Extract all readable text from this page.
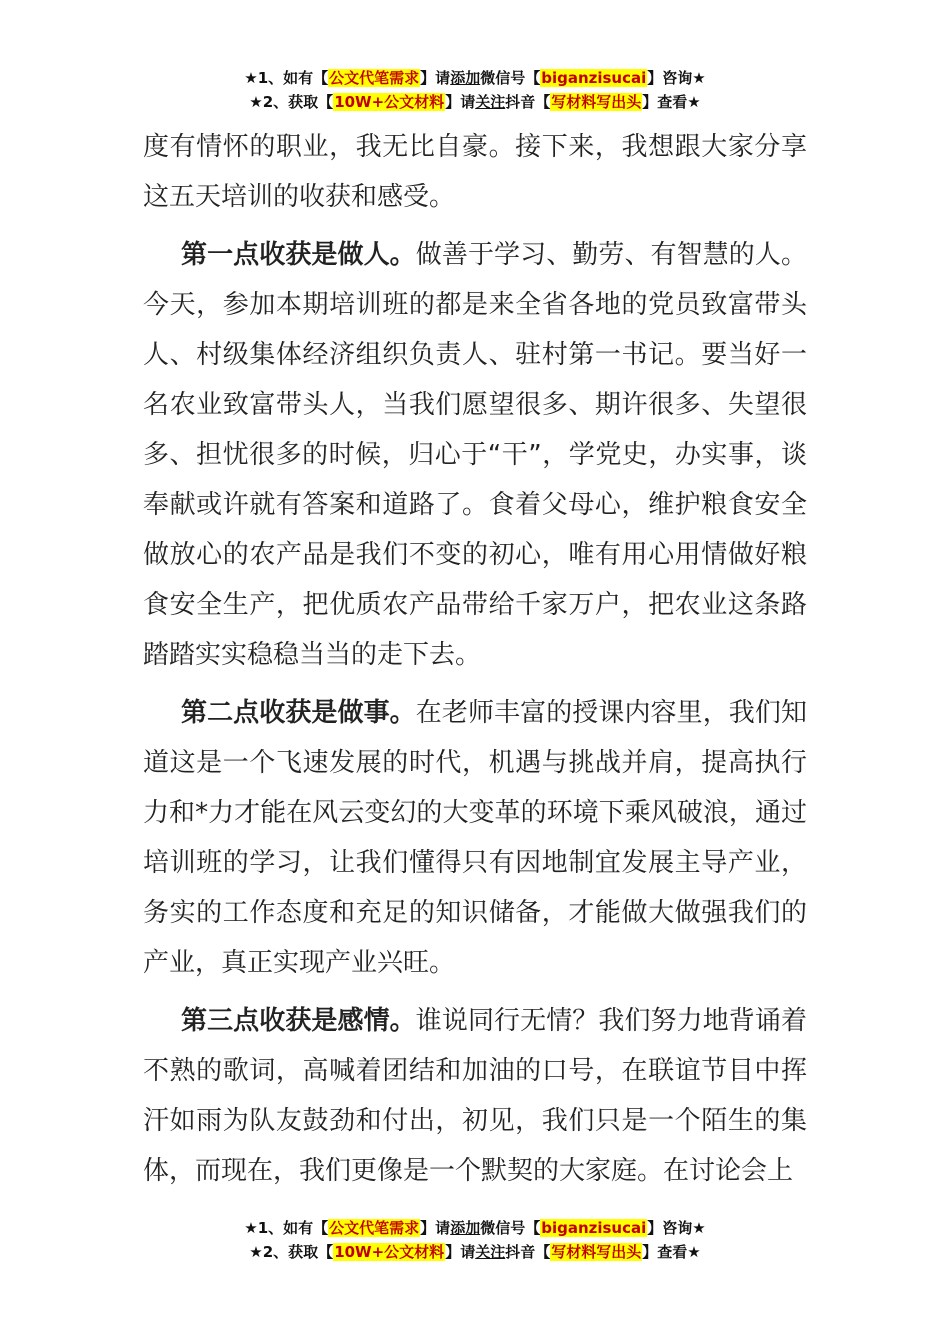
★1、如有【公文代笔需求】请添加微信号【biganzisucai】咨询★
★2、获取【10W+公文材料】请关注抖音【写材料写出头】查看★

度有情怀的职业，我无比自豪。接下来，我想跟大家分享这五天培训的收获和感受。

第一点收获是做人。做善于学习、勤劳、有智慧的人。今天，参加本期培训班的都是来全省各地的党员致富带头人、村级集体经济组织负责人、驻村第一书记。要当好一名农业致富带头人，当我们愿望很多、期许很多、失望很多、担忧很多的时候，归心于“干”，学党史，办实事，谈奉献或许就有答案和道路了。食着父母心，维护粮食安全做放心的农产品是我们不变的初心，唯有用心用情做好粮食安全生产，把优质农产品带给千家万户，把农业这条路踏踏实实稳稳当当的走下去。

第二点收获是做事。在老师丰富的授课内容里，我们知道这是一个飞速发展的时代，机遇与挑战并肩，提高执行力和*力才能在风云变幻的大变革的环境下乘风破浪，通过培训班的学习，让我们懂得只有因地制宜发展主导产业，务实的工作态度和充足的知识储备，才能做大做强我们的产业，真正实现产业兴旺。

第三点收获是感情。谁说同行无情？我们努力地背诵着不熟的歌词，高喊着团结和加油的口号，在联谊节目中挥汗如雨为队友鼓劲和付出，初见，我们只是一个陌生的集体，而现在，我们更像是一个默契的大家庭。在讨论会上

★1、如有【公文代笔需求】请添加微信号【biganzisucai】咨询★
★2、获取【10W+公文材料】请关注抖音【写材料写出头】查看★
